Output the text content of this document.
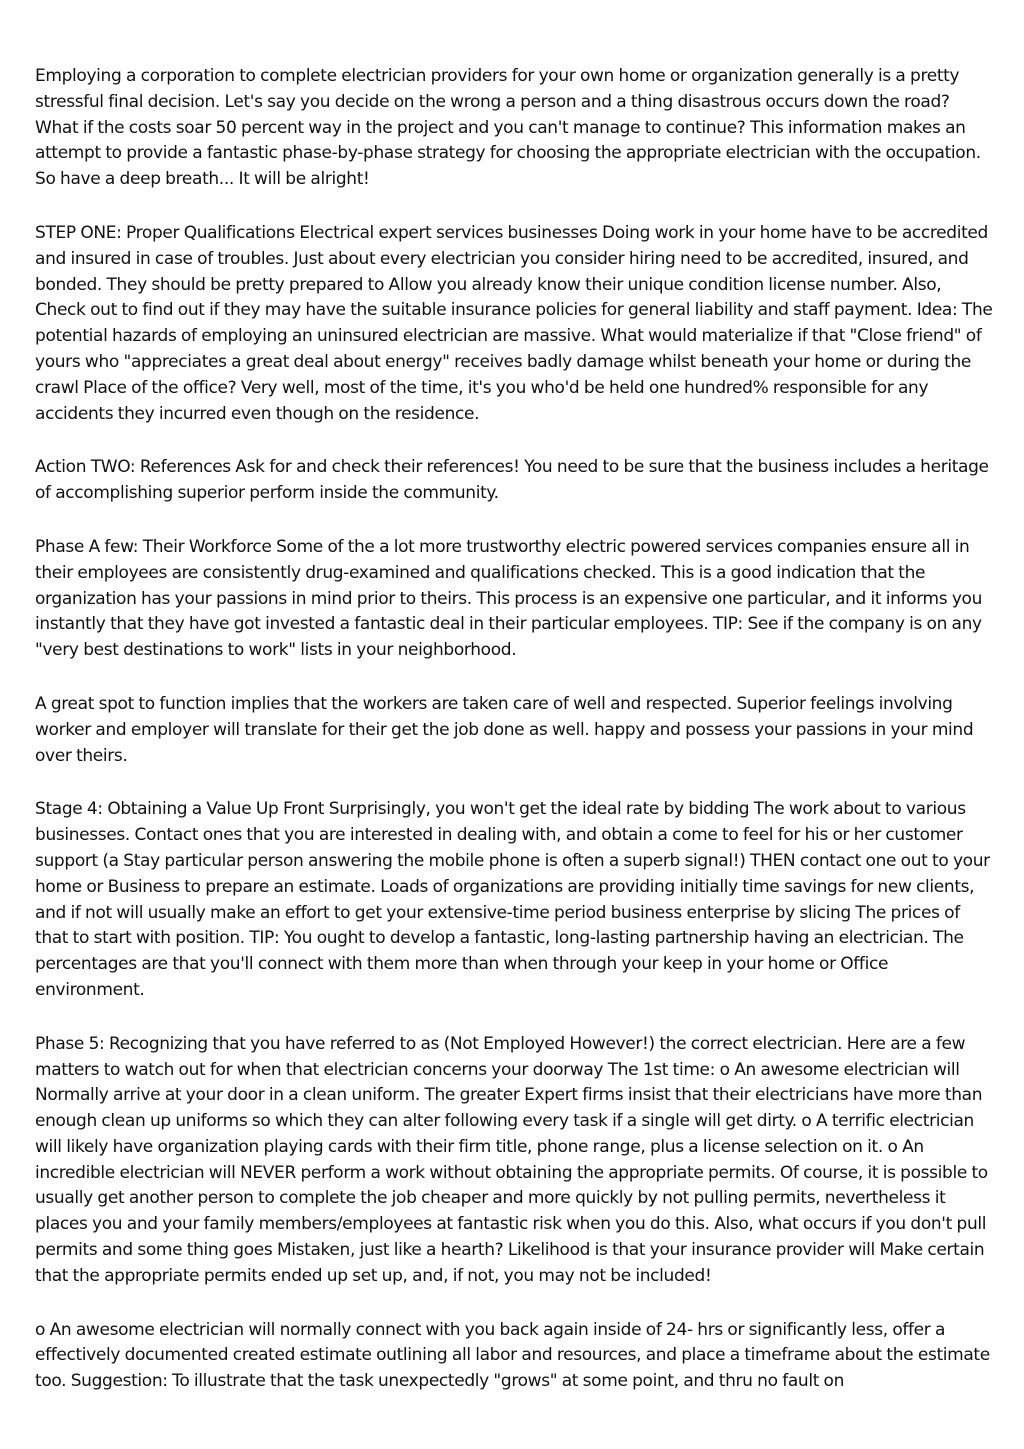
Employing a corporation to complete electrician providers for your own home or organization generally is a pretty stressful final decision. Let's say you decide on the wrong a person and a thing disastrous occurs down the road? What if the costs soar 50 percent way in the project and you can't manage to continue? This information makes an attempt to provide a fantastic phase-by-phase strategy for choosing the appropriate electrician with the occupation. So have a deep breath... It will be alright!

STEP ONE: Proper Qualifications Electrical expert services businesses Doing work in your home have to be accredited and insured in case of troubles. Just about every electrician you consider hiring need to be accredited, insured, and bonded. They should be pretty prepared to Allow you already know their unique condition license number. Also, Check out to find out if they may have the suitable insurance policies for general liability and staff payment. Idea: The potential hazards of employing an uninsured electrician are massive. What would materialize if that "Close friend" of yours who "appreciates a great deal about energy" receives badly damage whilst beneath your home or during the crawl Place of the office? Very well, most of the time, it's you who'd be held one hundred% responsible for any accidents they incurred even though on the residence.

Action TWO: References Ask for and check their references! You need to be sure that the business includes a heritage of accomplishing superior perform inside the community.

Phase A few: Their Workforce Some of the a lot more trustworthy electric powered services companies ensure all in their employees are consistently drug-examined and qualifications checked. This is a good indication that the organization has your passions in mind prior to theirs. This process is an expensive one particular, and it informs you instantly that they have got invested a fantastic deal in their particular employees. TIP: See if the company is on any "very best destinations to work" lists in your neighborhood.

A great spot to function implies that the workers are taken care of well and respected. Superior feelings involving worker and employer will translate for their get the job done as well. happy and possess your passions in your mind over theirs.

Stage 4: Obtaining a Value Up Front Surprisingly, you won't get the ideal rate by bidding The work about to various businesses. Contact ones that you are interested in dealing with, and obtain a come to feel for his or her customer support (a Stay particular person answering the mobile phone is often a superb signal!) THEN contact one out to your home or Business to prepare an estimate. Loads of organizations are providing initially time savings for new clients, and if not will usually make an effort to get your extensive-time period business enterprise by slicing The prices of that to start with position. TIP: You ought to develop a fantastic, long-lasting partnership having an electrician. The percentages are that you'll connect with them more than when through your keep in your home or Office environment.

Phase 5: Recognizing that you have referred to as (Not Employed However!) the correct electrician. Here are a few matters to watch out for when that electrician concerns your doorway The 1st time: o An awesome electrician will Normally arrive at your door in a clean uniform. The greater Expert firms insist that their electricians have more than enough clean up uniforms so which they can alter following every task if a single will get dirty. o A terrific electrician will likely have organization playing cards with their firm title, phone range, plus a license selection on it. o An incredible electrician will NEVER perform a work without obtaining the appropriate permits. Of course, it is possible to usually get another person to complete the job cheaper and more quickly by not pulling permits, nevertheless it places you and your family members/employees at fantastic risk when you do this. Also, what occurs if you don't pull permits and some thing goes Mistaken, just like a hearth? Likelihood is that your insurance provider will Make certain that the appropriate permits ended up set up, and, if not, you may not be included!

o An awesome electrician will normally connect with you back again inside of 24- hrs or significantly less, offer a effectively documented created estimate outlining all labor and resources, and place a timeframe about the estimate too. Suggestion: To illustrate that the task unexpectedly "grows" at some point, and thru no fault on
